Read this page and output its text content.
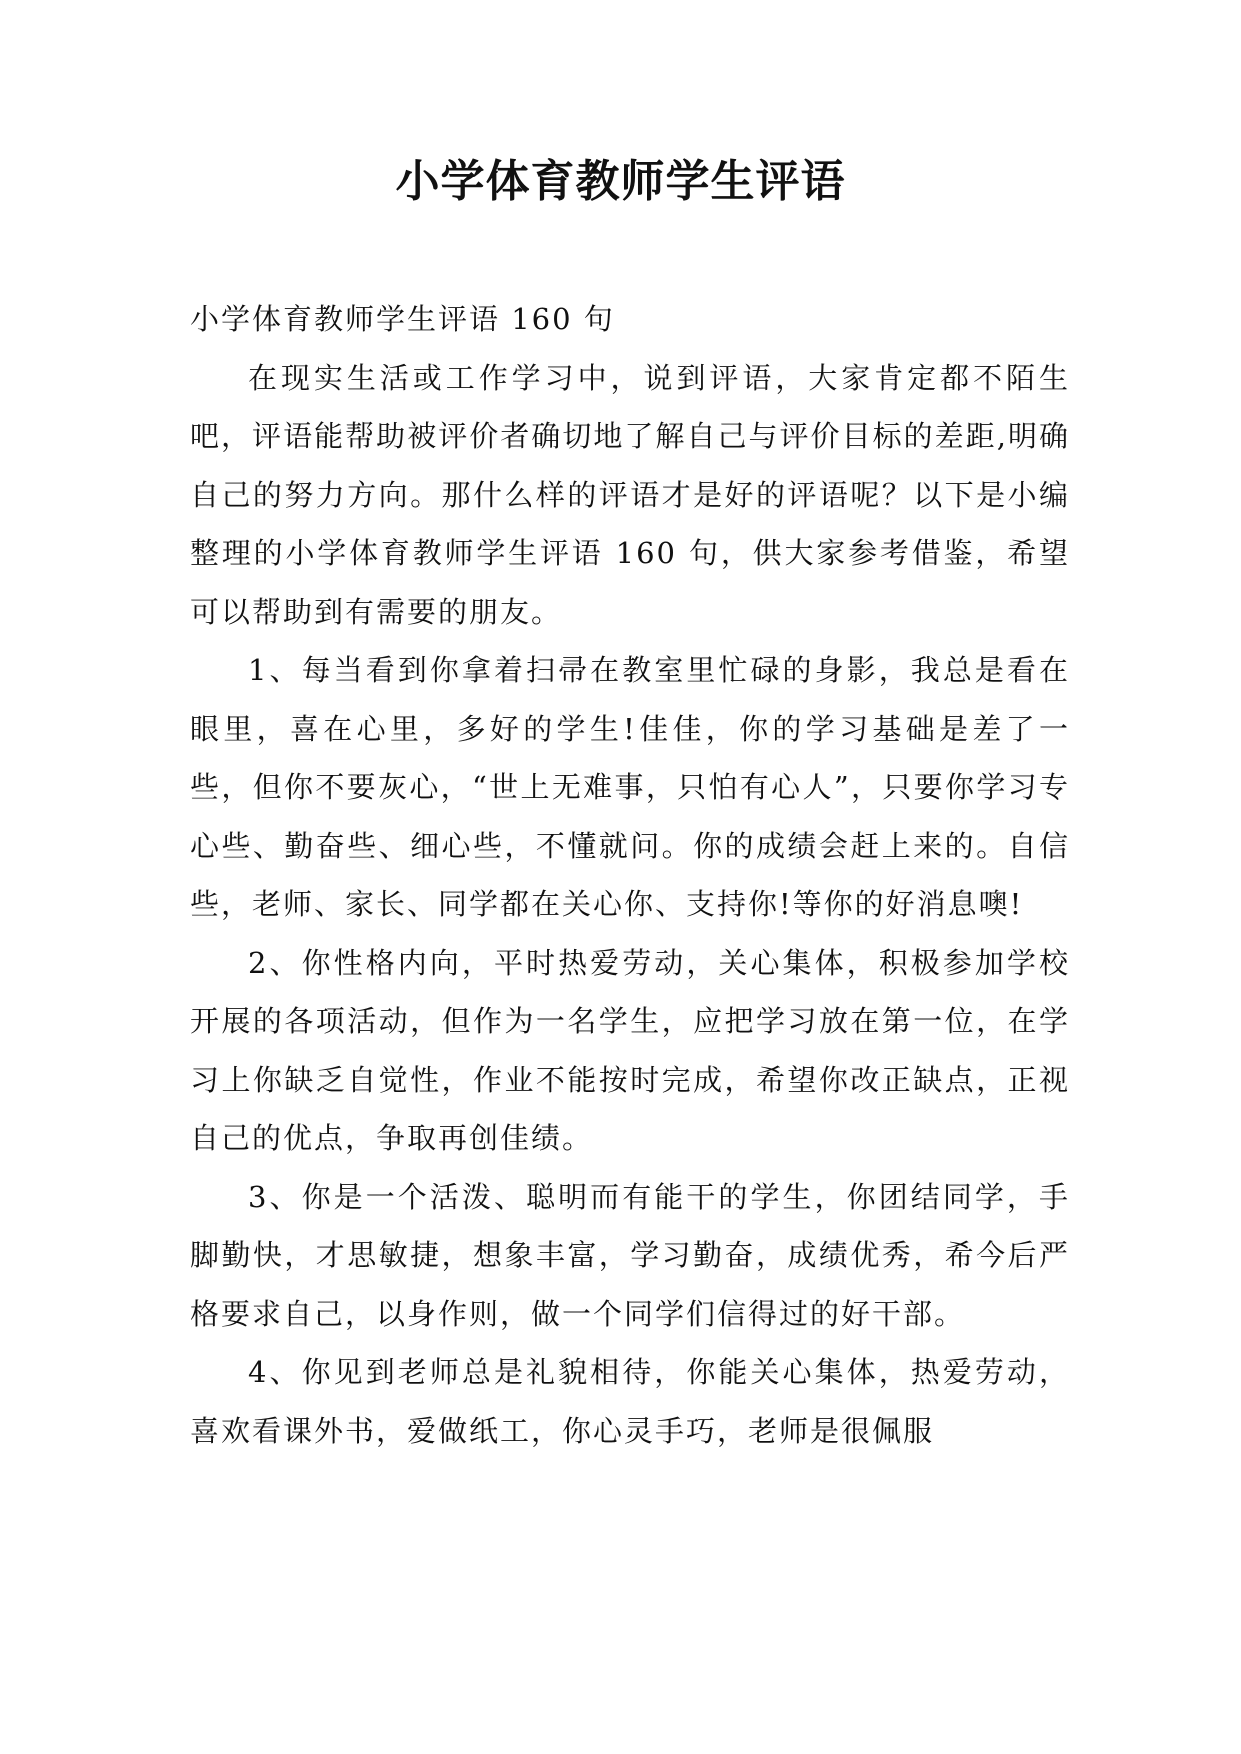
小学体育教师学生评语

小学体育教师学生评语 160 句

在现实生活或工作学习中，说到评语，大家肯定都不陌生吧，评语能帮助被评价者确切地了解自己与评价目标的差距,明确自己的努力方向。那什么样的评语才是好的评语呢？以下是小编整理的小学体育教师学生评语 160 句，供大家参考借鉴，希望可以帮助到有需要的朋友。

1、每当看到你拿着扫帚在教室里忙碌的身影，我总是看在眼里，喜在心里，多好的学生!佳佳，你的学习基础是差了一些，但你不要灰心，“世上无难事，只怕有心人”，只要你学习专心些、勤奋些、细心些，不懂就问。你的成绩会赶上来的。自信些，老师、家长、同学都在关心你、支持你!等你的好消息噢!

2、你性格内向，平时热爱劳动，关心集体，积极参加学校开展的各项活动，但作为一名学生，应把学习放在第一位，在学习上你缺乏自觉性，作业不能按时完成，希望你改正缺点，正视自己的优点，争取再创佳绩。

3、你是一个活泼、聪明而有能干的学生，你团结同学，手脚勤快，才思敏捷，想象丰富，学习勤奋，成绩优秀，希今后严格要求自己，以身作则，做一个同学们信得过的好干部。

4、你见到老师总是礼貌相待，你能关心集体，热爱劳动，喜欢看课外书，爱做纸工，你心灵手巧，老师是很佩服
